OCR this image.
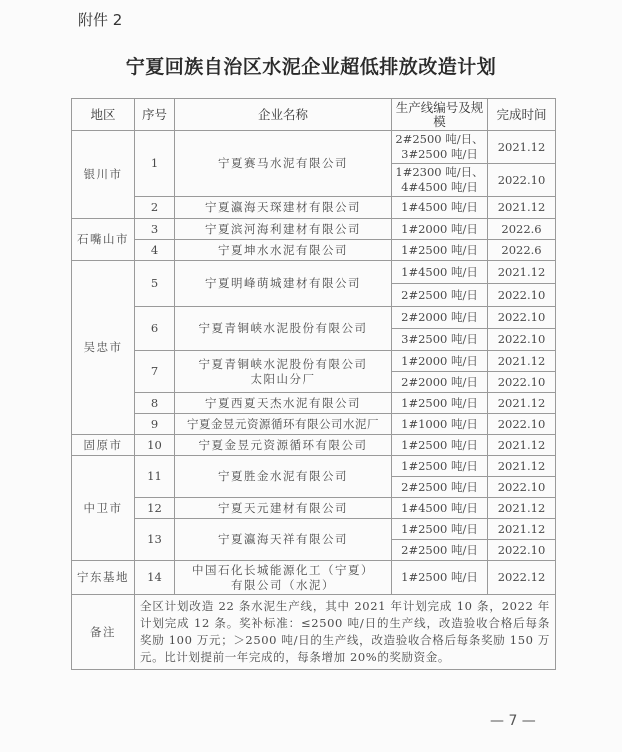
附件 2
宁夏回族自治区水泥企业超低排放改造计划
地区	序号	企业名称	生产线编号及规模	完成时间
银川市	1	宁夏赛马水泥有限公司	2#2500 吨/日、
3#2500 吨/日	2021.12

			1#2300 吨/日、
4#4500 吨/日	2022.10
	2	宁夏瀛海天琛建材有限公司	1#4500 吨/日	2021.12
石嘴山市	3	宁夏滨河海利建材有限公司	1#2000 吨/日	2022.6
	4	宁夏坤水水泥有限公司	1#2500 吨/日	2022.6
吴忠市	5	宁夏明峰萌城建材有限公司	1#4500 吨/日	2021.12
			2#2500 吨/日	2022.10
	6	宁夏青铜峡水泥股份有限公司	2#2000 吨/日	2022.10
			3#2500 吨/日	2022.10
	7	宁夏青铜峡水泥股份有限公司
太阳山分厂	1#2000 吨/日	2021.12
			2#2000 吨/日	2022.10
	8	宁夏西夏天杰水泥有限公司	1#2500 吨/日	2021.12
	9	宁夏金昱元资源循环有限公司水泥厂	1#1000 吨/日	2022.10
固原市	10	宁夏金昱元资源循环有限公司	1#2500 吨/日	2021.12
中卫市	11	宁夏胜金水泥有限公司	1#2500 吨/日	2021.12
			2#2500 吨/日	2022.10
	12	宁夏天元建材有限公司	1#4500 吨/日	2021.12
	13	宁夏瀛海天祥有限公司	1#2500 吨/日	2021.12
			2#2500 吨/日	2022.10
宁东基地	14	中国石化长城能源化工（宁夏）
有限公司（水泥）	1#2500 吨/日	2022.12
备注	全区计划改造 22 条水泥生产线，其中 2021 年计划完成 10 条，2022 年计划完成 12 条。奖补标准：≤2500 吨/日的生产线，改造验收合格后每条奖励 100 万元；＞2500 吨/日的生产线，改造验收合格后每条奖励 150 万元。比计划提前一年完成的，每条增加 20%的奖励资金。			
— 7 —
